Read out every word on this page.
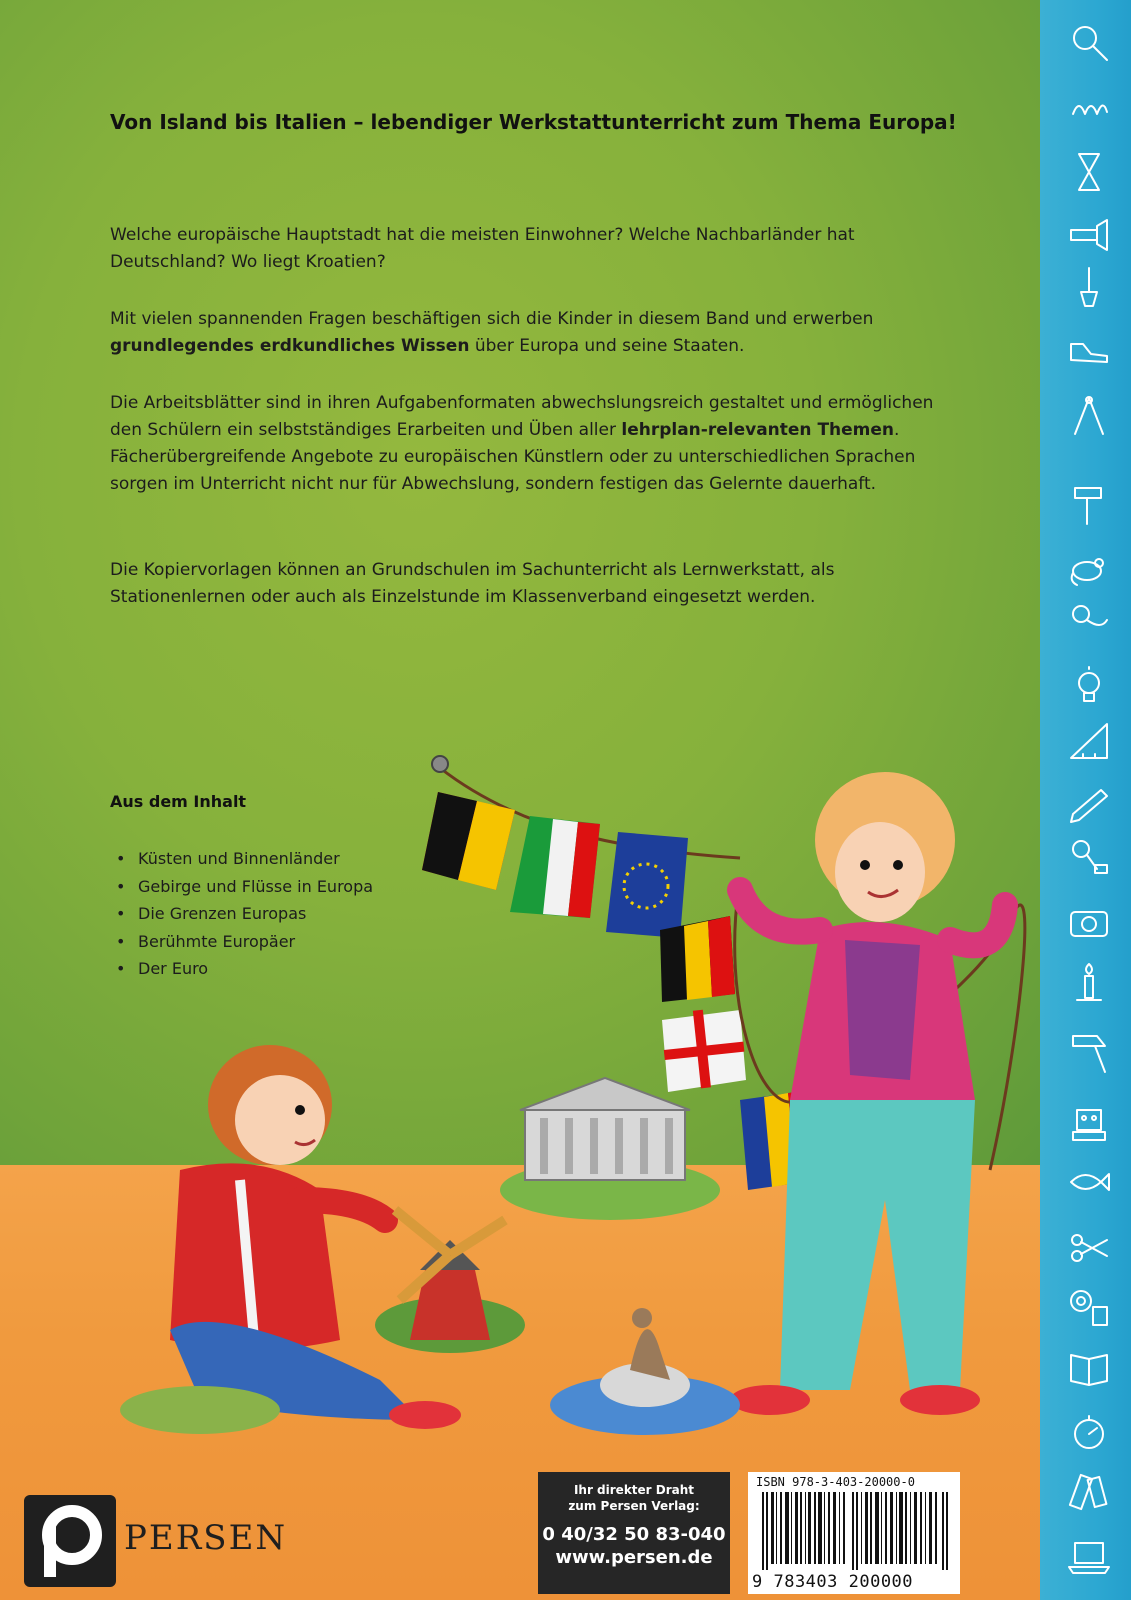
Von Island bis Italien – lebendiger Werkstattunterricht zum Thema Europa!

Welche europäische Hauptstadt hat die meisten Einwohner? Welche Nachbarländer hat Deutschland? Wo liegt Kroatien?

Mit vielen spannenden Fragen beschäftigen sich die Kinder in diesem Band und erwerben grundlegendes erdkundliches Wissen über Europa und seine Staaten.

Die Arbeitsblätter sind in ihren Aufgabenformaten abwechslungsreich gestaltet und ermöglichen den Schülern ein selbstständiges Erarbeiten und Üben aller lehrplan-relevanten Themen. Fächerübergreifende Angebote zu europäischen Künstlern oder zu unterschiedlichen Sprachen sorgen im Unterricht nicht nur für Abwechslung, sondern festigen das Gelernte dauerhaft.

Die Kopiervorlagen können an Grundschulen im Sachunterricht als Lernwerkstatt, als Stationenlernen oder auch als Einzelstunde im Klassenverband eingesetzt werden.

Aus dem Inhalt
• Küsten und Binnenländer
• Gebirge und Flüsse in Europa
• Die Grenzen Europas
• Berühmte Europäer
• Der Euro

PERSEN

Ihr direkter Draht
zum Persen Verlag:
0 40/32 50 83-040
www.persen.de

ISBN 978-3-403-20000-0

9 783403 200000
